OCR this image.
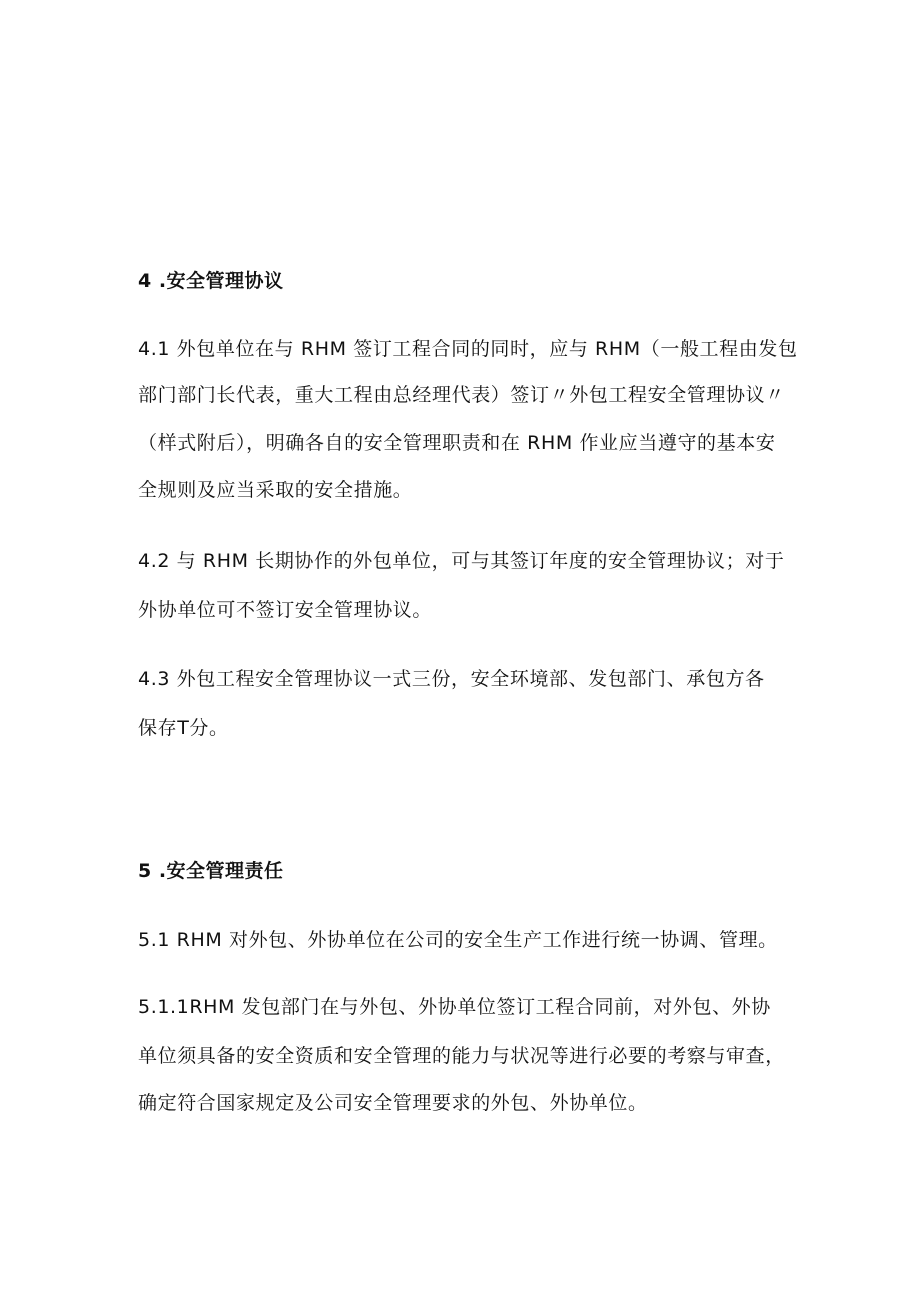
4 .安全管理协议
4.1 外包单位在与 RHM 签订工程合同的同时，应与 RHM（一般工程由发包
部门部门长代表，重大工程由总经理代表）签订〃外包工程安全管理协议〃
（样式附后），明确各自的安全管理职责和在 RHM 作业应当遵守的基本安
全规则及应当采取的安全措施。
4.2 与 RHM 长期协作的外包单位，可与其签订年度的安全管理协议；对于
外协单位可不签订安全管理协议。
4.3 外包工程安全管理协议一式三份，安全环境部、发包部门、承包方各
保存T分。
5 .安全管理责任
5.1 RHM 对外包、外协单位在公司的安全生产工作进行统一协调、管理。
5.1.1RHM 发包部门在与外包、外协单位签订工程合同前，对外包、外协
单位须具备的安全资质和安全管理的能力与状况等进行必要的考察与审查，
确定符合国家规定及公司安全管理要求的外包、外协单位。
